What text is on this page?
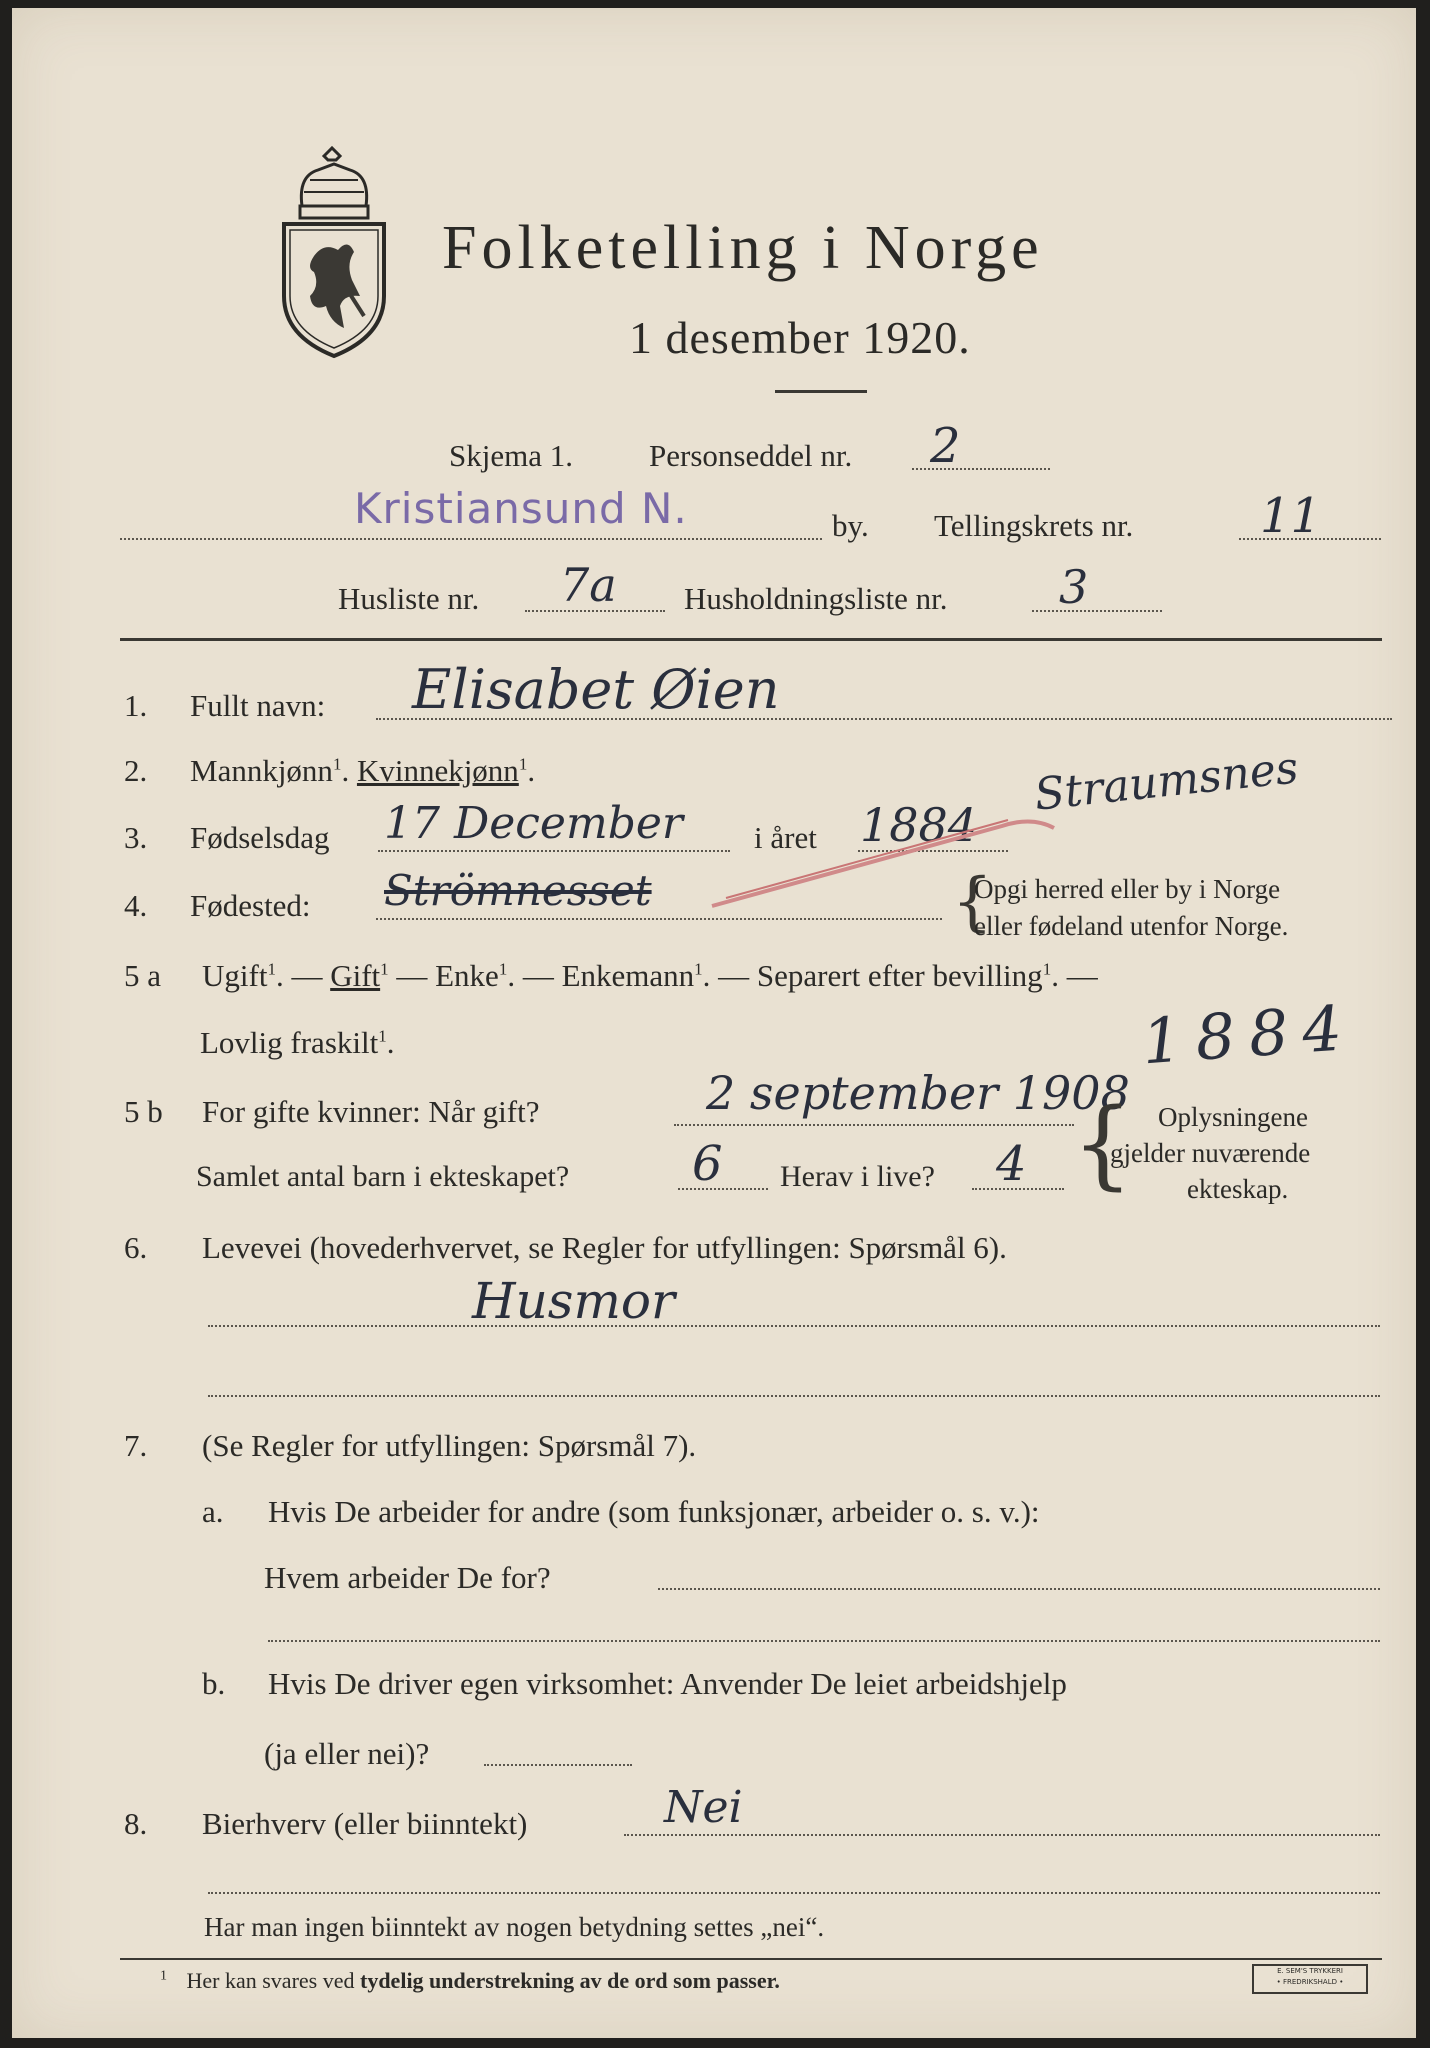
Folketelling i Norge
1 desember 1920.
Skjema 1. Personseddel nr. 2
Kristiansund N.	by. Tellingskrets nr.	11
Husliste nr. 7a Husholdningsliste nr. 3
1. Fullt navn: Elisabet Øien
2. Mannkjønn$^1$. Kvinnekjønn$^1$.
3. Fødselsdag 17 December i året 1884
Straumsnes
4. Fødested: Strömnesset	{
Opgi herred eller by i Norge
eller fødeland utenfor Norge.
5 a Ugift$^1$. — Gift$^1$ — Enke$^1$. — Enkemann$^1$. — Separert efter bevilling$^1$. —
Lovlig fraskilt$^1$.	1884
5 b For gifte kvinner: Når gift?	2 september 1908
Samlet antal barn i ekteskapet?	6 Herav i live? 4 { Oplysningene
gjelder nuværende
ekteskap.
6. Levevei (hovederhvervet, se Regler for utfyllingen: Spørsmål 6).
Husmor
7. (Se Regler for utfyllingen: Spørsmål 7).
a. Hvis De arbeider for andre (som funksjonær, arbeider o. s. v.):
Hvem arbeider De for?
b. Hvis De driver egen virksomhet: Anvender De leiet arbeidshjelp
(ja eller nei)?
8. Bierhverv (eller biinntekt)	Nei
Har man ingen biinntekt av nogen betydning settes „nei“.
$^1$ Her kan svares ved tydelig understrekning av de ord som passer.	E. SEM'S TRYKKERI
• FREDRIKSHALD •
